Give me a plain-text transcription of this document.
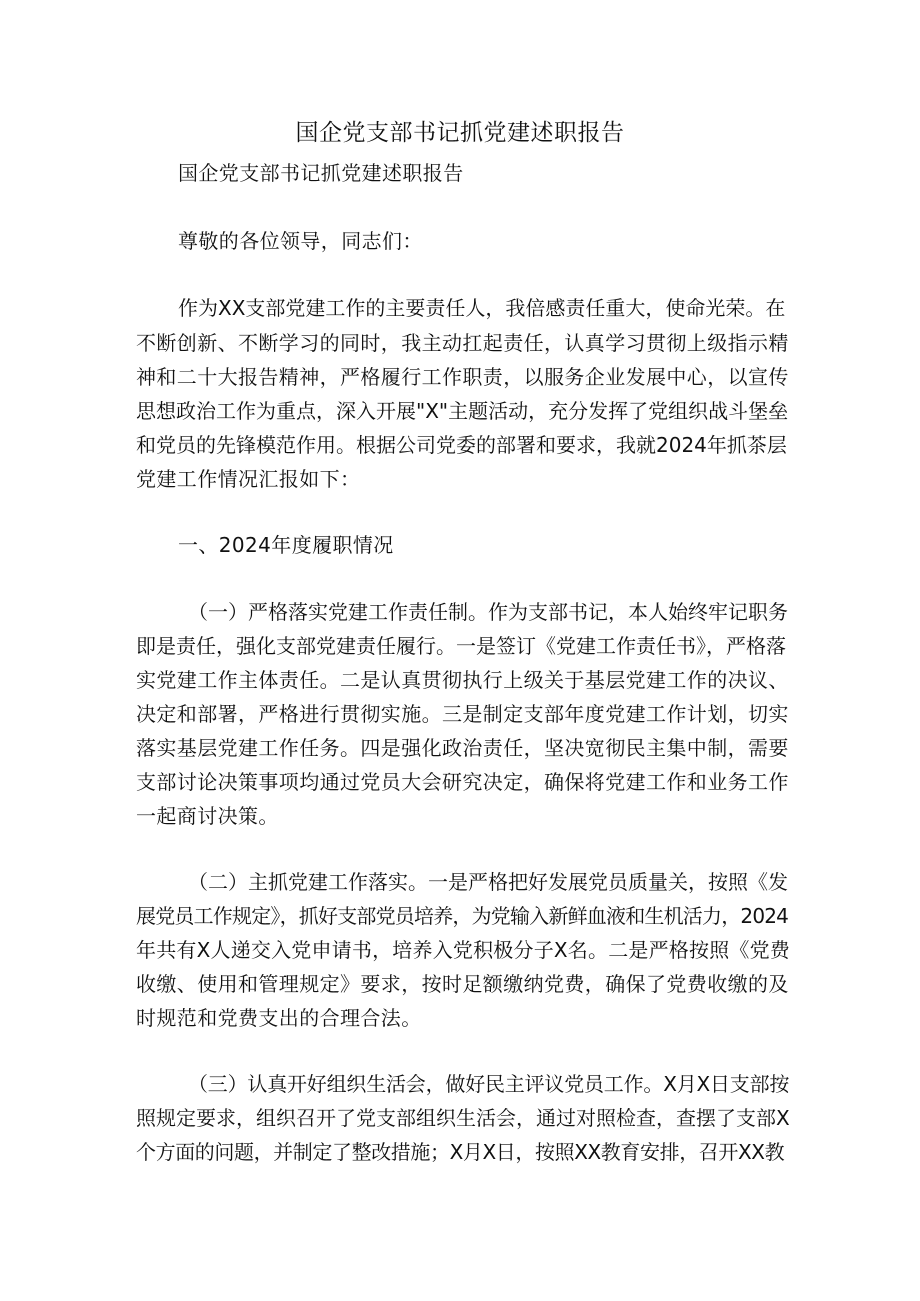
国企党支部书记抓党建述职报告
国企党支部书记抓党建述职报告
尊敬的各位领导，同志们：
作为XX支部党建工作的主要责任人，我倍感责任重大，使命光荣。在
不断创新、不断学习的同时，我主动扛起责任，认真学习贯彻上级指示精
神和二十大报告精神，严格履行工作职责，以服务企业发展中心，以宣传
思想政治工作为重点，深入开展"X"主题活动，充分发挥了党组织战斗堡垒
和党员的先锋模范作用。根据公司党委的部署和要求，我就2024年抓茶层
党建工作情况汇报如下：
一、2024年度履职情况
（一）严格落实党建工作责任制。作为支部书记，本人始终牢记职务
即是责任，强化支部党建责任履行。一是签订《党建工作责任书》，严格落
实党建工作主体责任。二是认真贯彻执行上级关于基层党建工作的决议、
决定和部署，严格进行贯彻实施。三是制定支部年度党建工作计划，切实
落实基层党建工作任务。四是强化政治责任，坚决宽彻民主集中制，需要
支部讨论决策事项均通过党员大会研究决定，确保将党建工作和业务工作
一起商讨决策。
（二）主抓党建工作落实。一是严格把好发展党员质量关，按照《发
展党员工作规定》，抓好支部党员培养，为党输入新鲜血液和生机活力，2024
年共有X人递交入党申请书，培养入党积极分子X名。二是严格按照《党费
收缴、使用和管理规定》要求，按时足额缴纳党费，确保了党费收缴的及
时规范和党费支出的合理合法。
（三）认真开好组织生活会，做好民主评议党员工作。X月X日支部按
照规定要求，组织召开了党支部组织生活会，通过对照检查，查摆了支部X
个方面的问题，并制定了整改措施；X月X日，按照XX教育安排，召开XX教
